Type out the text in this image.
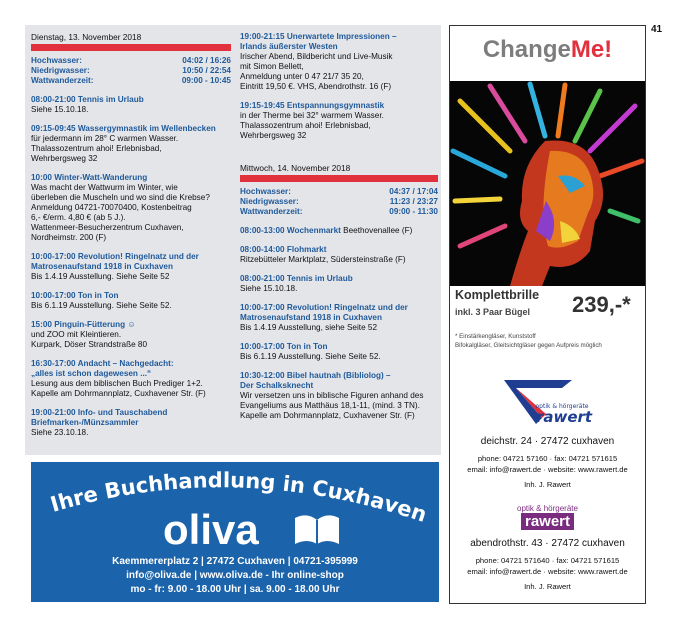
41
Dienstag, 13. November 2018
Hochwasser:	04:02 / 16:26
Niedrigwasser:	10:50 / 22:54
Wattwanderzeit:	09:00 - 10:45
08:00-21:00 Tennis im Urlaub
Siehe 15.10.18.
09:15-09:45 Wassergymnastik im Wellenbecken
für jedermann im 28° C warmen Wasser.
Thalassozentrum ahoi! Erlebnisbad,
Wehrbergsweg 32
10:00 Winter-Watt-Wanderung
Was macht der Wattwurm im Winter, wie
überleben die Muscheln und wo sind die Krebse?
Anmeldung 04721-70070400, Kostenbeitrag
6,- €/erm. 4,80 € (ab 5 J.).
Wattenmeer-Besucherzentrum Cuxhaven,
Nordheimstr. 200 (F)
10:00-17:00 Revolution! Ringelnatz und der
Matrosenaufstand 1918 in Cuxhaven
Bis 1.4.19 Ausstellung. Siehe Seite 52
10:00-17:00 Ton in Ton
Bis 6.1.19 Ausstellung. Siehe Seite 52.
15:00 Pinguin-Fütterung ☺
und ZOO mit Kleintieren.
Kurpark, Döser Strandstraße 80
16:30-17:00 Andacht – Nachgedacht:
„alles ist schon dagewesen ...“
Lesung aus dem biblischen Buch Prediger 1+2.
Kapelle am Dohrmannplatz, Cuxhavener Str. (F)
19:00-21:00 Info- und Tauschabend
Briefmarken-/Münzsammler
Siehe 23.10.18.
19:00-21:15 Unerwartete Impressionen –
Irlands äußerster Westen
Irischer Abend, Bildbericht und Live-Musik
mit Simon Bellett,
Anmeldung unter 0 47 21/7 35 20,
Eintritt 19,50 €. VHS, Abendrothstr. 16 (F)
19:15-19:45 Entspannungsgymnastik
in der Therme bei 32° warmem Wasser.
Thalassozentrum ahoi! Erlebnisbad,
Wehrbergsweg 32
Mittwoch, 14. November 2018
Hochwasser:	04:37 / 17:04
Niedrigwasser:	11:23 / 23:27
Wattwanderzeit:	09:00 - 11:30
08:00-13:00 Wochenmarkt Beethovenallee (F)
08:00-14:00 Flohmarkt
Ritzebütteler Marktplatz, Südersteinstraße (F)
08:00-21:00 Tennis im Urlaub
Siehe 15.10.18.
10:00-17:00 Revolution! Ringelnatz und der
Matrosenaufstand 1918 in Cuxhaven
Bis 1.4.19 Ausstellung, siehe Seite 52
10:00-17:00 Ton in Ton
Bis 6.1.19 Ausstellung. Siehe Seite 52.
10:30-12:00 Bibel hautnah (Bibliolog) –
Der Schalksknecht
Wir versetzen uns in biblische Figuren anhand des
Evangeliums aus Matthäus 18,1-11, (mind. 3 TN).
Kapelle am Dohrmannplatz, Cuxhavener Str. (F)
Ihre Buchhandlung in Cuxhaven
oliva
Kaemmererplatz 2 | 27472 Cuxhaven | 04721-395999
info@oliva.de | www.oliva.de - Ihr online-shop
mo - fr: 9.00 - 18.00 Uhr | sa. 9.00 - 18.00 Uhr
ChangeMe!
Komplettbrille
inkl. 3 Paar Bügel 239,-*
* Einstärkengläser, Kunststoff
Bifokalgläser, Gleitsichtgläser gegen Aufpreis möglich
optik & hörgeräte
rawert
deichstr. 24 · 27472 cuxhaven
phone: 04721 57160 · fax: 04721 571615
email: info@rawert.de · website: www.rawert.de
Inh. J. Rawert
optik & hörgeräte
rawert
abendrothstr. 43 · 27472 cuxhaven
phone: 04721 571640 · fax: 04721 571615
email: info@rawert.de · website: www.rawert.de
Inh. J. Rawert
